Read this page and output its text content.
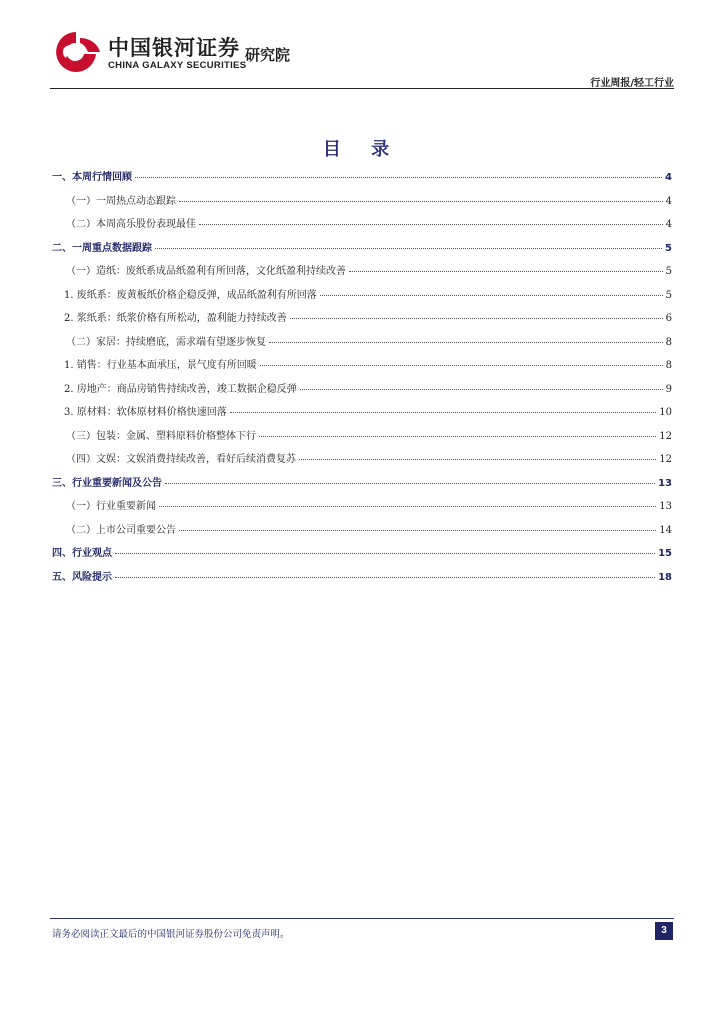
中国银河证券
CHINA GALAXY SECURITIES
研究院
行业周报/轻工行业
目 录
一、本周行情回顾	4
（一）一周热点动态跟踪	4
（二）本周高乐股份表现最佳	4
二、一周重点数据跟踪	5
（一）造纸：废纸系成品纸盈利有所回落，文化纸盈利持续改善	5
1. 废纸系：废黄板纸价格企稳反弹，成品纸盈利有所回落	5
2. 浆纸系：纸浆价格有所松动，盈利能力持续改善	6
（二）家居：持续磨底，需求端有望逐步恢复	8
1. 销售：行业基本面承压，景气度有所回暖	8
2. 房地产：商品房销售持续改善，竣工数据企稳反弹	9
3. 原材料：软体原材料价格快速回落	10
（三）包装：金属、塑料原料价格整体下行	12
（四）文娱：文娱消费持续改善，看好后续消费复苏	12
三、行业重要新闻及公告	13
（一）行业重要新闻	13
（二）上市公司重要公告	14
四、行业观点	15
五、风险提示	18
请务必阅读正文最后的中国银河证券股份公司免责声明。	3
